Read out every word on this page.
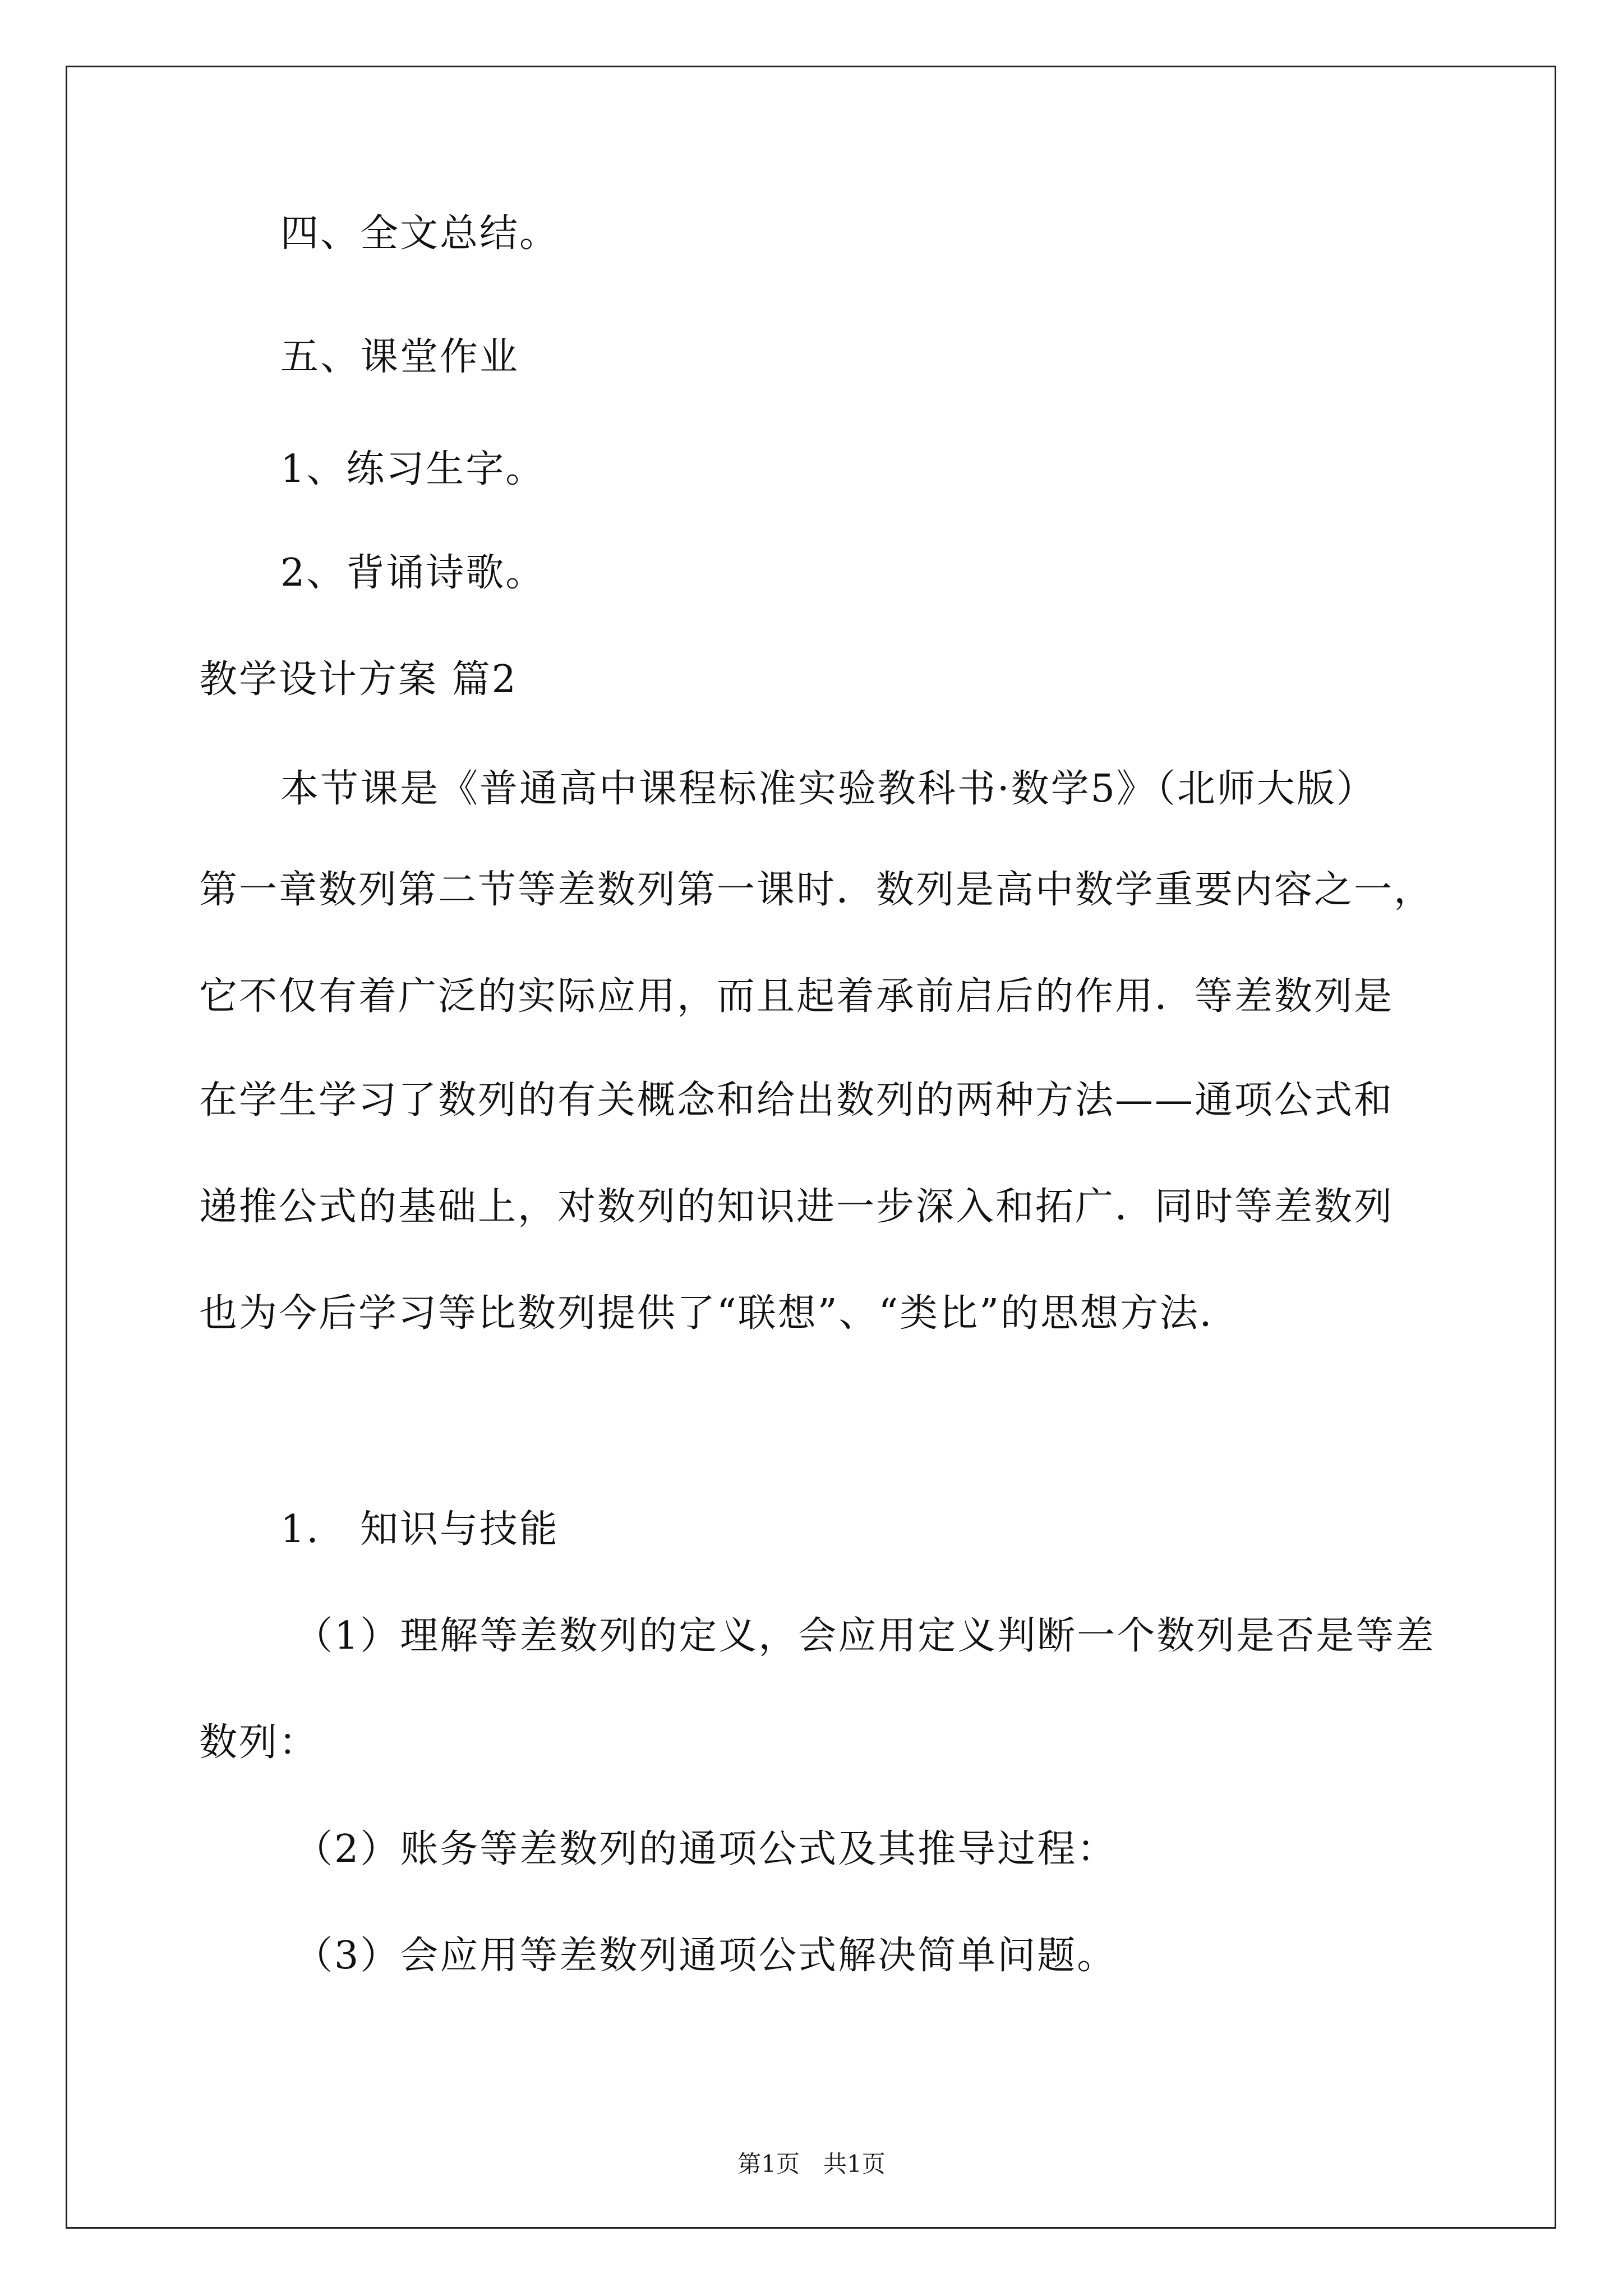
四、全文总结。
五、课堂作业
1、练习生字。
2、背诵诗歌。
教学设计方案 篇2
本节课是《普通高中课程标准实验教科书·数学5》（北师大版）
第一章数列第二节等差数列第一课时．数列是高中数学重要内容之一，
它不仅有着广泛的实际应用，而且起着承前启后的作用．等差数列是
在学生学习了数列的有关概念和给出数列的两种方法——通项公式和
递推公式的基础上，对数列的知识进一步深入和拓广．同时等差数列
也为今后学习等比数列提供了“联想”、“类比”的思想方法．
1.　知识与技能
（1）理解等差数列的定义，会应用定义判断一个数列是否是等差
数列：
（2）账务等差数列的通项公式及其推导过程：
（3）会应用等差数列通项公式解决简单问题。
第1页　共1页
